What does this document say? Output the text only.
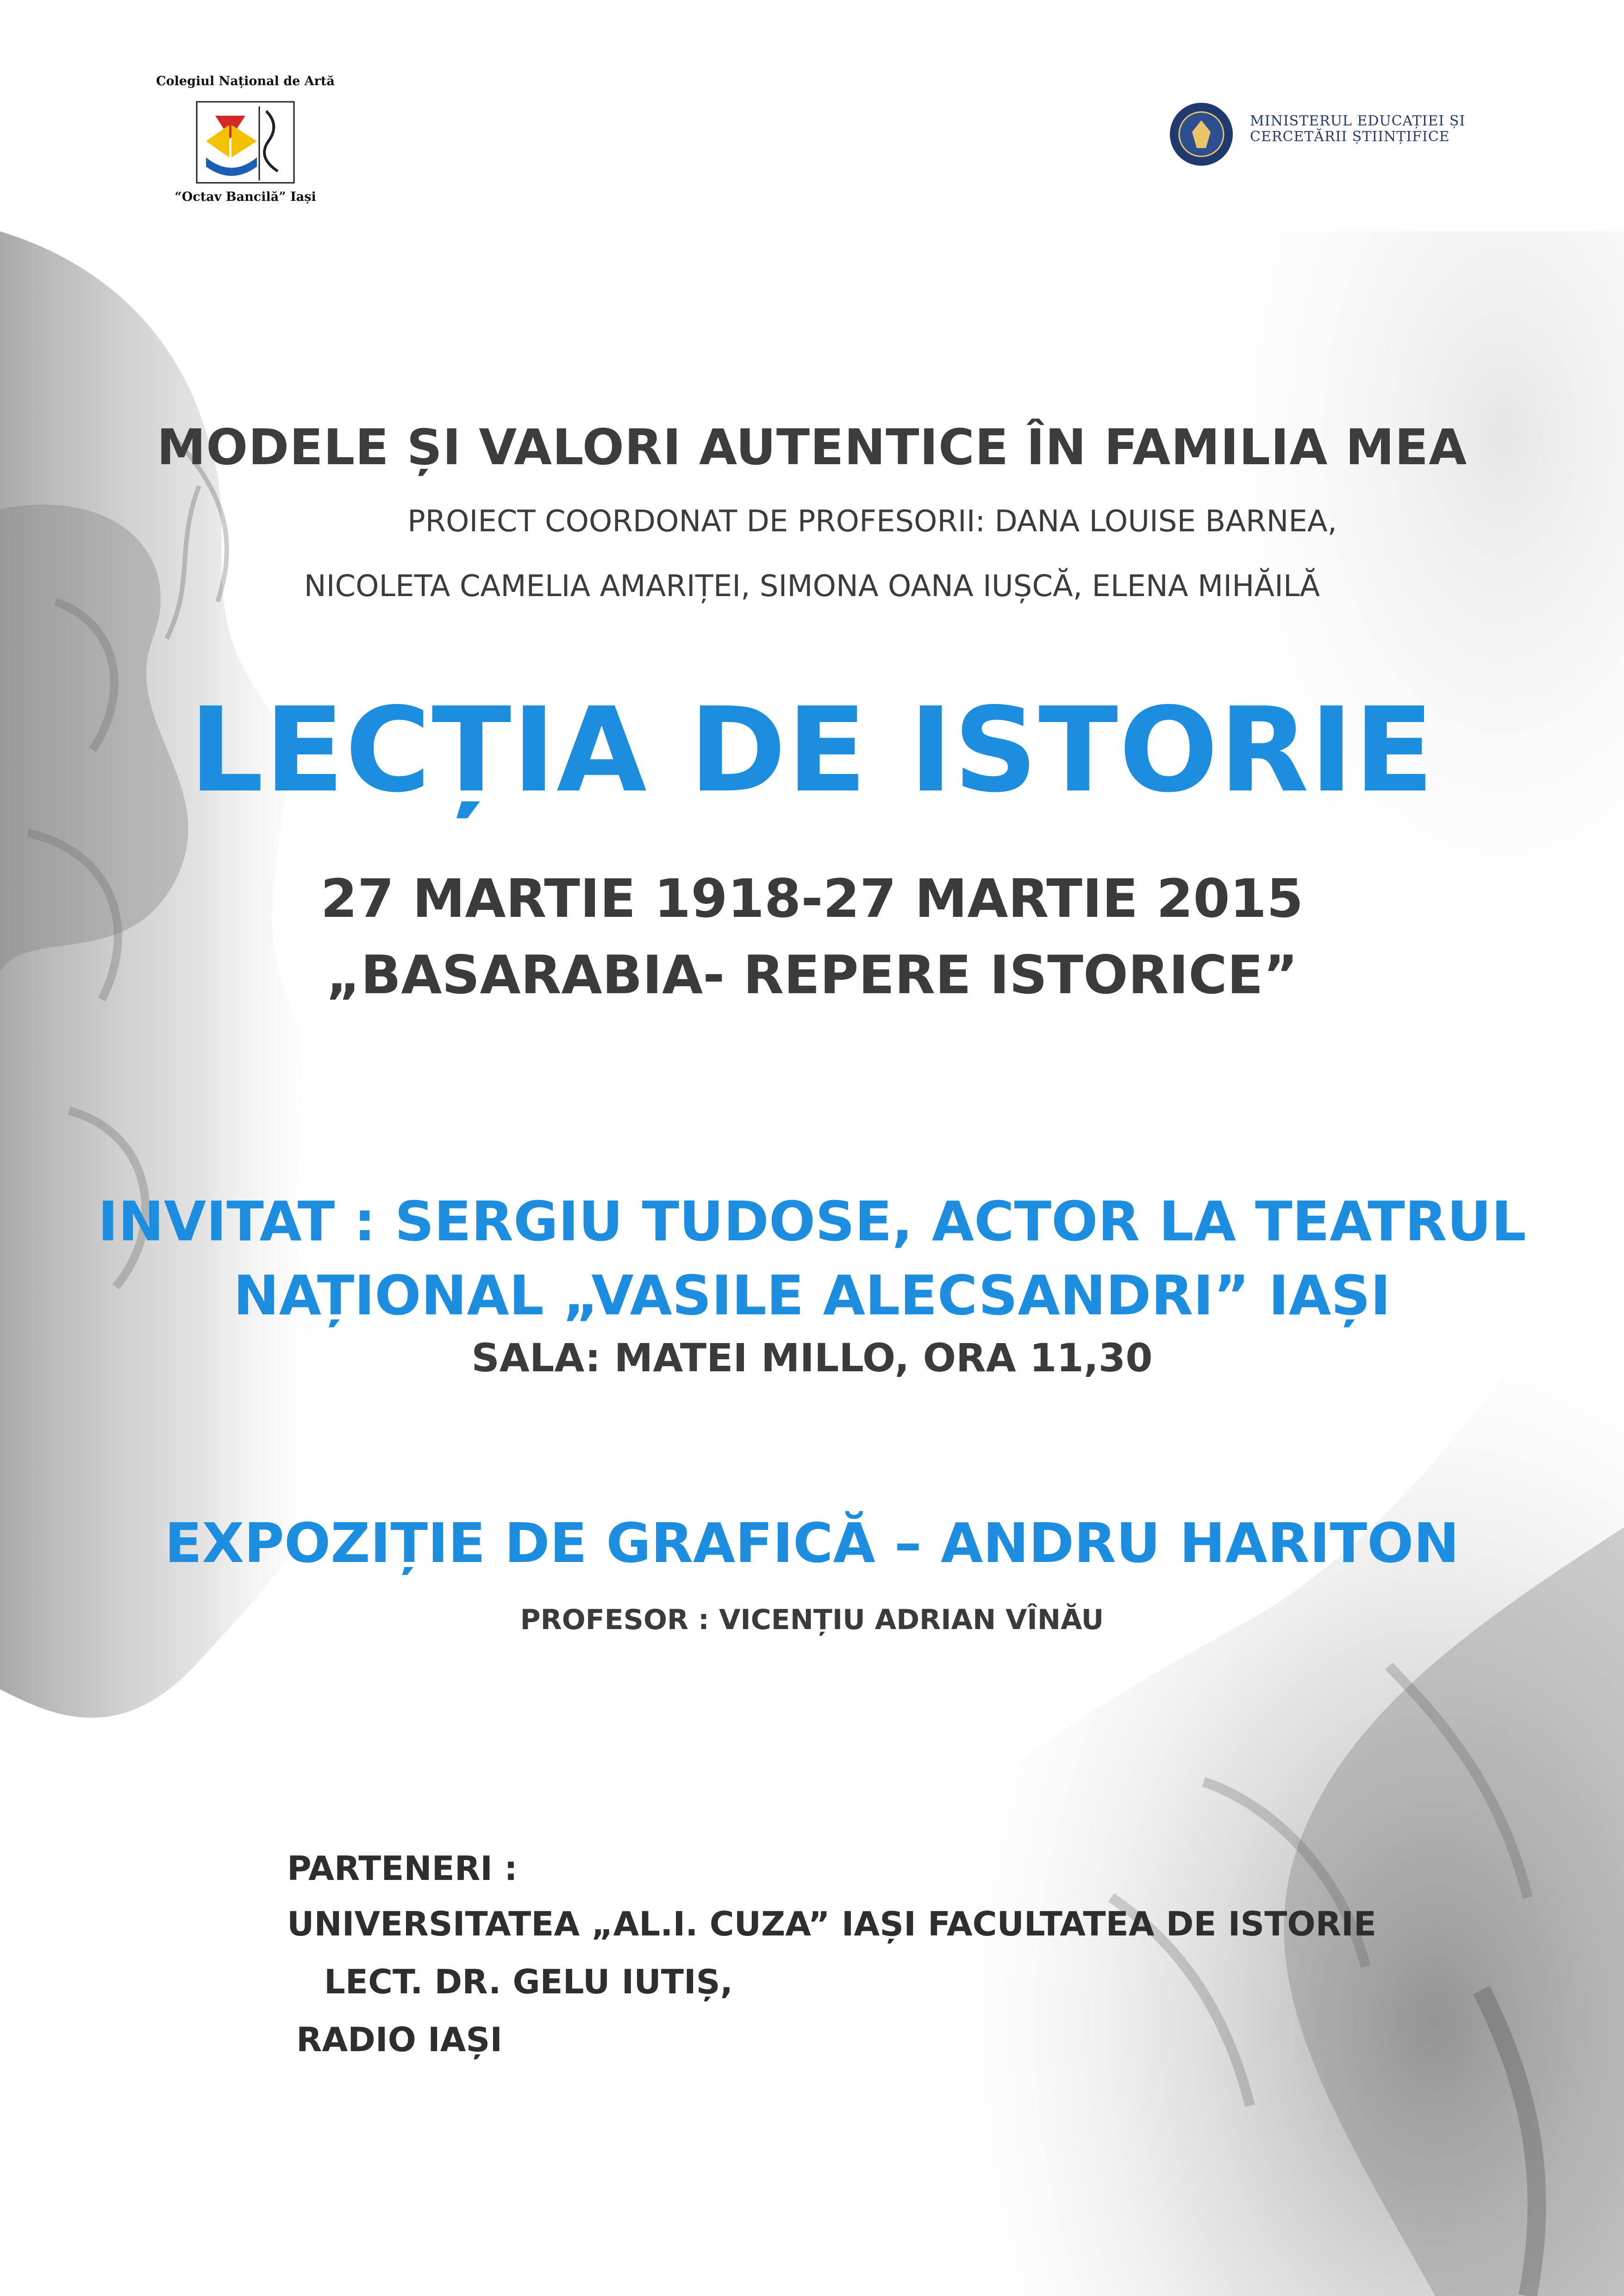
Colegiul Național de Artă
“Octav Bancilă” Iași
MINISTERUL EDUCAȚIEI ȘI
CERCETĂRII ȘTIINȚIFICE
MODELE ȘI VALORI AUTENTICE ÎN FAMILIA MEA
PROIECT COORDONAT DE PROFESORII: DANA LOUISE BARNEA,
NICOLETA CAMELIA AMARIȚEI, SIMONA OANA IUȘCĂ, ELENA MIHĂILĂ
LECȚIA DE ISTORIE
27 MARTIE 1918-27 MARTIE 2015
„BASARABIA- REPERE ISTORICE”
INVITAT : SERGIU TUDOSE, ACTOR LA TEATRUL
NAȚIONAL „VASILE ALECSANDRI” IAȘI
SALA: MATEI MILLO, ORA 11,30
EXPOZIȚIE DE GRAFICĂ – ANDRU HARITON
PROFESOR : VICENȚIU ADRIAN VÎNĂU
PARTENERI :
UNIVERSITATEA „AL.I. CUZA” IAȘI FACULTATEA DE ISTORIE
LECT. DR. GELU IUTIȘ,
RADIO IAȘI
